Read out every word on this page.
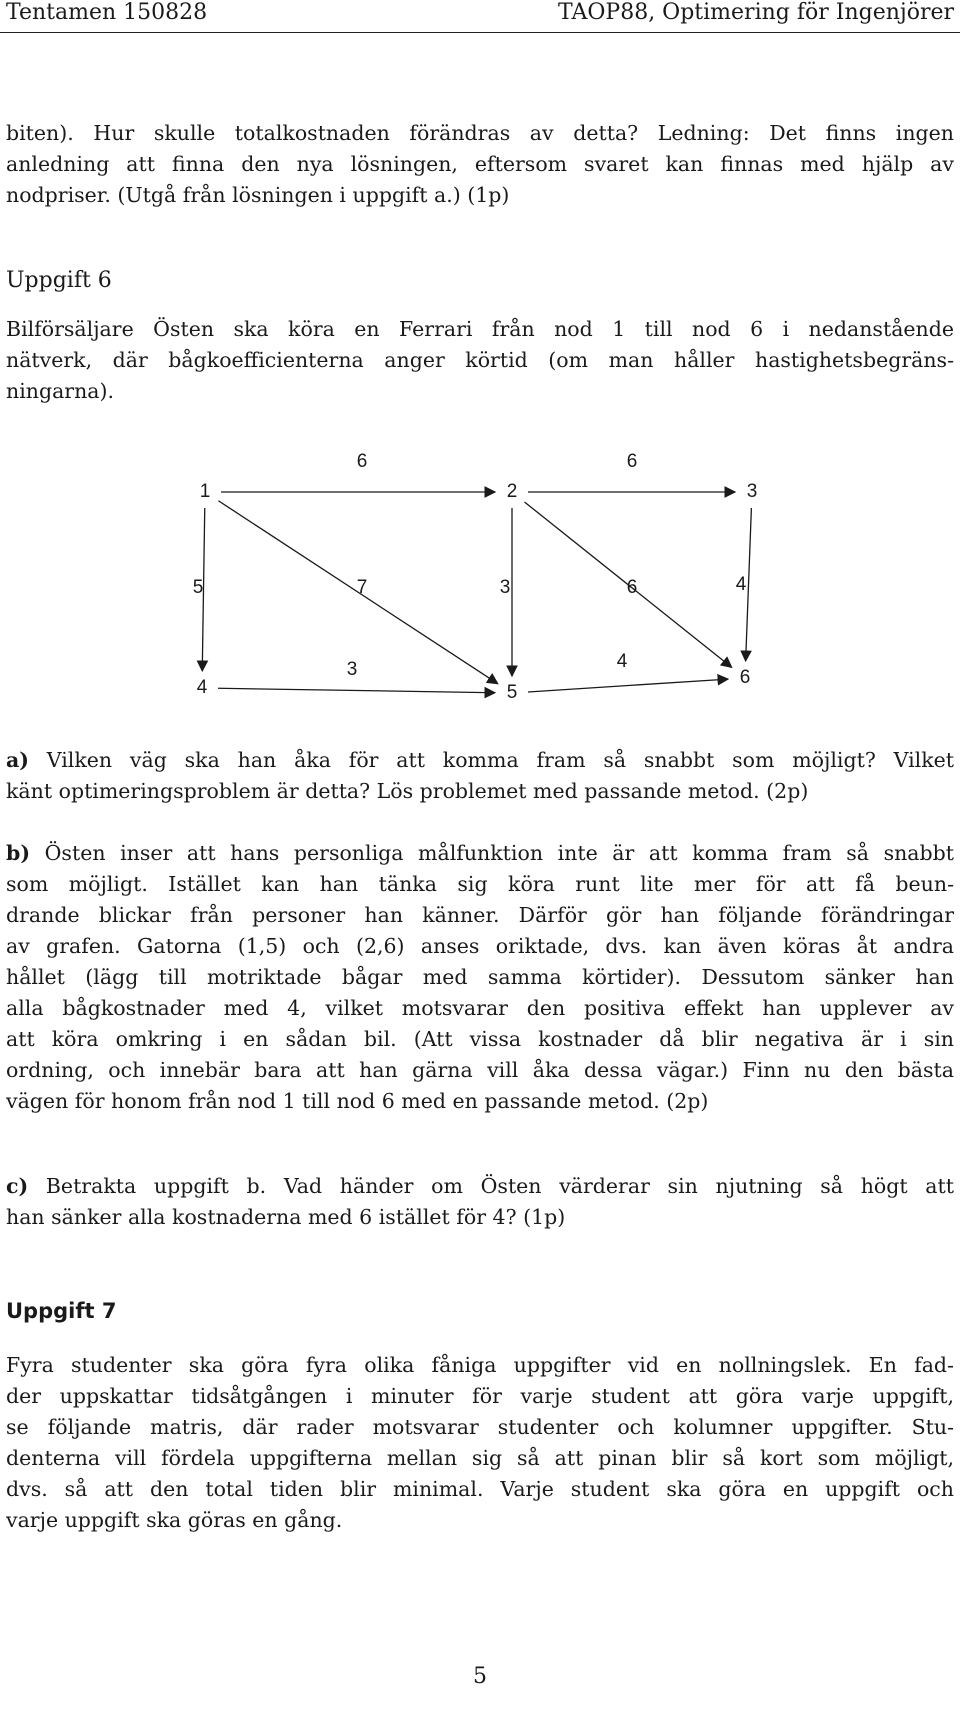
Tentamen 150828	TAOP88, Optimering för Ingenjörer
biten). Hur skulle totalkostnaden förändras av detta? Ledning: Det finns ingen
anledning att finna den nya lösningen, eftersom svaret kan finnas med hjälp av
nodpriser. (Utgå från lösningen i uppgift a.) (1p)
Uppgift 6
Bilförsäljare Östen ska köra en Ferrari från nod 1 till nod 6 i nedanstående
nätverk, där bågkoefficienterna anger körtid (om man håller hastighetsbegräns-
ningarna).
6	6
5	7	3	6	4
3	4
1	2	3
4	5
6
a) Vilken väg ska han åka för att komma fram så snabbt som möjligt? Vilket
känt optimeringsproblem är detta? Lös problemet med passande metod. (2p)
b) Östen inser att hans personliga målfunktion inte är att komma fram så snabbt
som möjligt. Istället kan han tänka sig köra runt lite mer för att få beun-
drande blickar från personer han känner. Därför gör han följande förändringar
av grafen. Gatorna (1,5) och (2,6) anses oriktade, dvs. kan även köras åt andra
hållet (lägg till motriktade bågar med samma körtider). Dessutom sänker han
alla bågkostnader med 4, vilket motsvarar den positiva effekt han upplever av
att köra omkring i en sådan bil. (Att vissa kostnader då blir negativa är i sin
ordning, och innebär bara att han gärna vill åka dessa vägar.) Finn nu den bästa
vägen för honom från nod 1 till nod 6 med en passande metod. (2p)
c) Betrakta uppgift b. Vad händer om Östen värderar sin njutning så högt att
han sänker alla kostnaderna med 6 istället för 4? (1p)
Uppgift 7
Fyra studenter ska göra fyra olika fåniga uppgifter vid en nollningslek. En fad-
der uppskattar tidsåtgången i minuter för varje student att göra varje uppgift,
se följande matris, där rader motsvarar studenter och kolumner uppgifter. Stu-
denterna vill fördela uppgifterna mellan sig så att pinan blir så kort som möjligt,
dvs. så att den total tiden blir minimal. Varje student ska göra en uppgift och
varje uppgift ska göras en gång.
5
